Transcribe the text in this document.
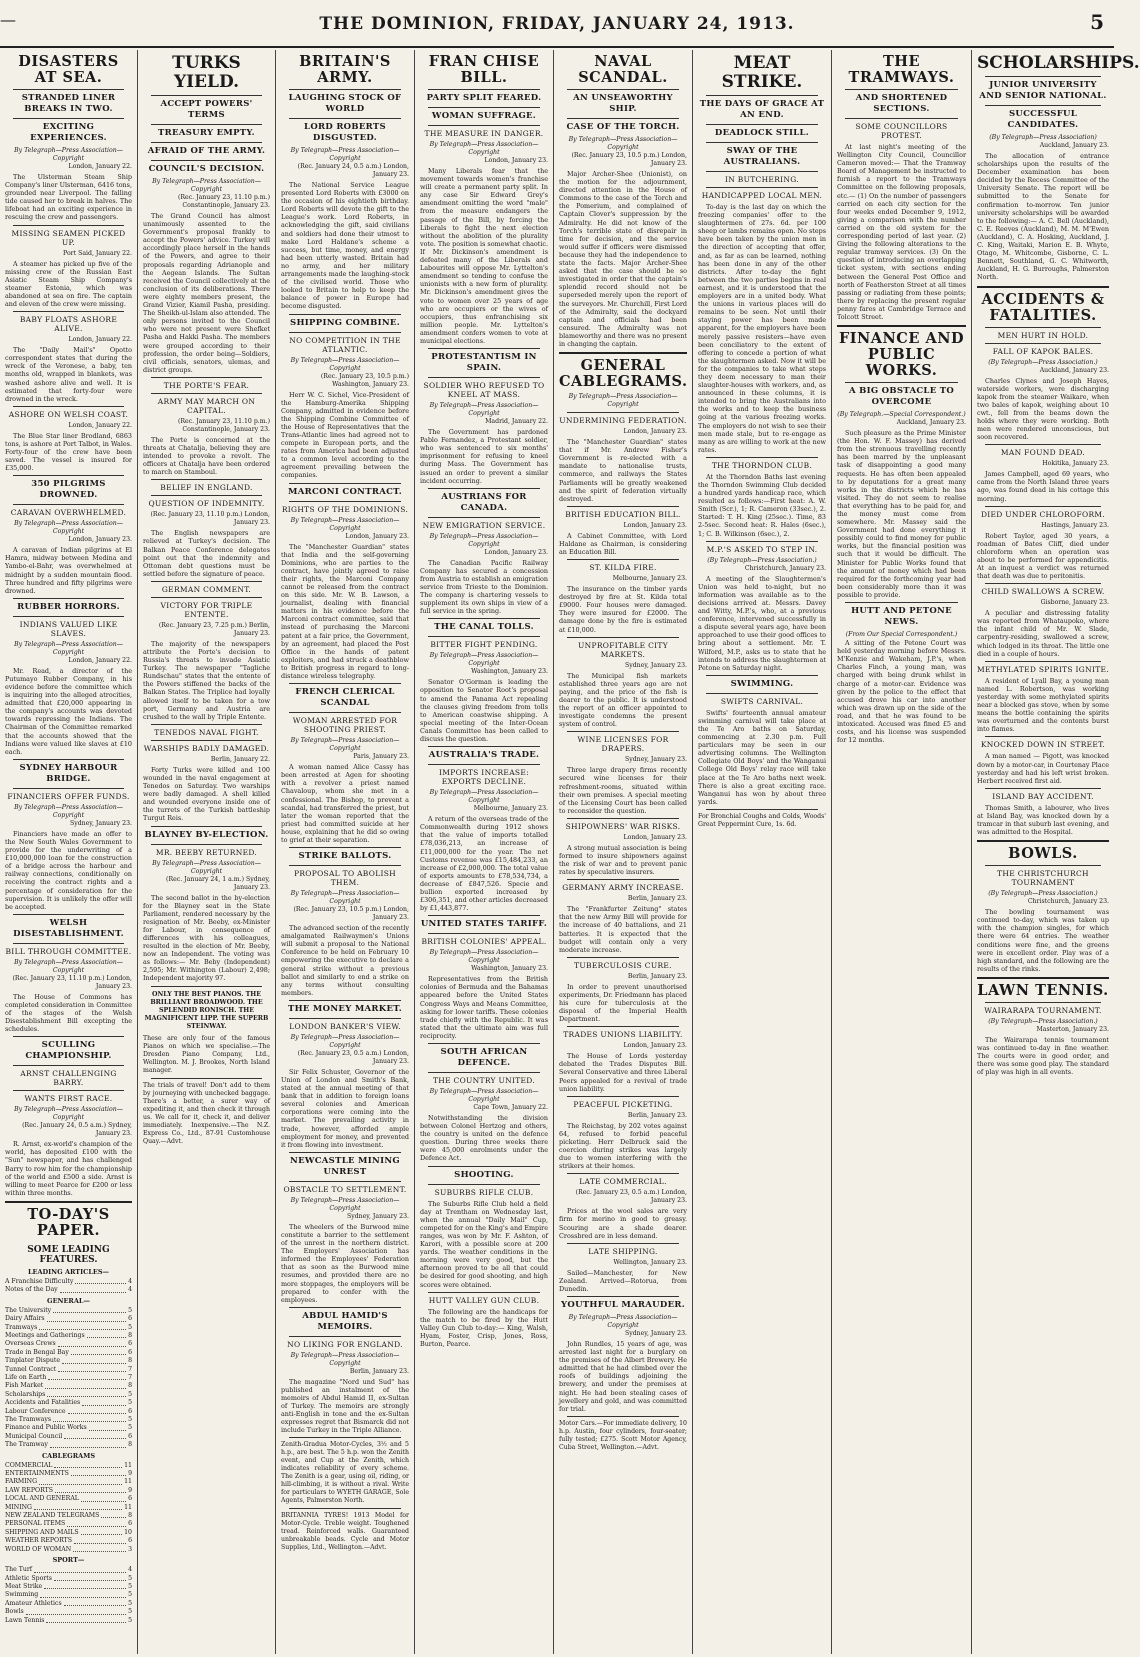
—	THE DOMINION, FRIDAY, JANUARY 24, 1913.	5
DISASTERS AT SEA.
STRANDED LINER BREAKS IN TWO.
EXCITING EXPERIENCES.
By Telegraph—Press Association—Copyright
London, January 22.

The Ulsterman Steam Ship Company's liner Ulsterman, 6416 tons, grounded near Liverpool. The falling tide caused her to break in halves. The lifeboat had an exciting experience in rescuing the crew and passengers.

MISSING SEAMEN PICKED UP.
Port Said, January 22.

A steamer has picked up five of the missing crew of the Russian East Asiatic Steam Ship Company's steamer Estonia, which was abandoned at sea on fire. The captain and eleven of the crew were missing.

BABY FLOATS ASHORE ALIVE.
London, January 22.

The "Daily Mail's" Opotto correspondent states that during the wreck of the Veronese, a baby, ten months old, wrapped in blankets, was washed ashore alive and well. It is estimated that forty-four were drowned in the wreck.

ASHORE ON WELSH COAST.
London, January 22.

The Blue Star liner Brodland, 6863 tons, is ashore at Port Talbot, in Wales. Forty-four of the crew have been saved. The vessel is insured for £35,000.

350 PILGRIMS DROWNED.
CARAVAN OVERWHELMED.
By Telegraph—Press Association—Copyright
London, January 23.

A caravan of Indian pilgrims at El Hamra, midway between Medina and Yambo-el-Bahr, was overwhelmed at midnight by a sudden mountain flood. Three hundred and fifty pilgrims were drowned.

RUBBER HORRORS.
INDIANS VALUED LIKE SLAVES.
By Telegraph—Press Association—Copyright
London, January 22.

Mr. Read, a director of the Putumayo Rubber Company, in his evidence before the committee which is inquiring into the alleged atrocities, admitted that £20,000 appearing in the company's accounts was devoted towards repressing the Indians. The Chairman of the Committee remarked that the accounts showed that the Indians were valued like slaves at £10 each.

SYDNEY HARBOUR BRIDGE.
FINANCIERS OFFER FUNDS.
By Telegraph—Press Association—Copyright
Sydney, January 23.

Financiers have made an offer to the New South Wales Government to provide for the underwriting of a £10,000,000 loan for the construction of a bridge across the harbour and railway connections, conditionally on receiving the contract rights and a percentage of consideration for the supervision. It is unlikely the offer will be accepted.

WELSH DISESTABLISHMENT.
BILL THROUGH COMMITTEE.
By Telegraph—Press Association—Copyright
(Rec. January 23, 11.10 p.m.) London, January 23.

The House of Commons has completed consideration in Committee of the stages of the Welsh Disestablishment Bill excepting the schedules.

SCULLING CHAMPIONSHIP.
ARNST CHALLENGING BARRY.
WANTS FIRST RACE.
By Telegraph—Press Association—Copyright
(Rec. January 24, 0.5 a.m.) Sydney, January 23.

R. Arnst, ex-world's champion of the world, has deposited £100 with the "Sun" newspaper, and has challenged Barry to row him for the championship of the world and £500 a side. Arnst is willing to meet Pearce for £200 or less within three months.

TO-DAY'S PAPER.
SOME LEADING FEATURES.
LEADING ARTICLES—
A Franchise Difficulty	4
Notes of the Day	4
GENERAL—
The University	5
Dairy Affairs	6
Tramways	5
Meetings and Gatherings	8
Overseas Crews	6
Trade in Bengal Bay	6
Tinplater Dispute	8
Tunnel Contract	7
Life on Earth	7
Fish Market	8
Scholarships	5
Accidents and Fatalities	5
Labour Conference	6
The Tramways	5
Finance and Public Works	5
Municipal Council	6
The Tramway	8
CABLEGRAMS
COMMERCIAL	11
ENTERTAINMENTS	9
FARMING	11
LAW REPORTS	9
LOCAL AND GENERAL	6
MINING	11
NEW ZEALAND TELEGRAMS	8
PERSONAL ITEMS	6
SHIPPING AND MAILS	10
WEATHER REPORTS	6
WORLD OF WOMAN	3
SPORT—
The Turf	4
Athletic Sports	5
Meat Strike	5
Swimming	5
Amateur Athletics	5
Bowls	5
Lawn Tennis	5
TURKS YIELD.
ACCEPT POWERS' TERMS
TREASURY EMPTY.
AFRAID OF THE ARMY.
COUNCIL'S DECISION.
By Telegraph—Press Association—Copyright
(Rec. January 23, 11.10 p.m.) Constantinople, January 23.

The Grand Council has almost unanimously assented to the Government's proposal frankly to accept the Powers' advice. Turkey will accordingly place herself in the hands of the Powers, and agree to their proposals regarding Adrianople and the Aegean Islands. The Sultan received the Council collectively at the conclusion of its deliberations. There were eighty members present, the Grand Vizier, Kiamil Pasha, presiding. The Sheikh-ul-Islam also attended. The only persons invited to the Council who were not present were Shefket Pasha and Hakki Pasha. The members were grouped according to their profession, the order being—Soldiers, civil officials, senators, ulemas, and district groups.

THE PORTE'S FEAR.
ARMY MAY MARCH ON CAPITAL.
(Rec. January 23, 11.10 p.m.) Constantinople, January 23.

The Porte is concerned at the threats at Chatalja, believing they are intended to provoke a revolt. The officers at Chatalja have been ordered to march on Stamboul.

BELIEF IN ENGLAND.
QUESTION OF INDEMNITY.
(Rec. January 23, 11.10 p.m.) London, January 23.

The English newspapers are relieved at Turkey's decision. The Balkan Peace Conference delegates point out that the indemnity and Ottoman debt questions must be settled before the signature of peace.

GERMAN COMMENT.
VICTORY FOR TRIPLE ENTENTE.
(Rec. January 23, 7.25 p.m.) Berlin, January 23.

The majority of the newspapers attribute the Porte's decision to Russia's threats to invade Asiatic Turkey. The newspaper "Tagliche Rundschau" states that the entente of the Powers stiffened the backs of the Balkan States. The Triplice had loyally allowed itself to be taken for a tow port, Germany and Austria are crushed to the wall by Triple Entente.

TENEDOS NAVAL FIGHT.
WARSHIPS BADLY DAMAGED.
Berlin, January 22.

Forty Turks were killed and 100 wounded in the naval engagement at Tenedos on Saturday. Two warships were badly damaged. A shell killed and wounded everyone inside one of the turrets of the Turkish battleship Turgut Reis.

BLAYNEY BY-ELECTION.
MR. BEEBY RETURNED.
By Telegraph—Press Association—Copyright
(Rec. January 24, 1 a.m.) Sydney, January 23.

The second ballot in the by-election for the Blayney seat in the State Parliament, rendered necessary by the resignation of Mr. Beeby, ex-Minister for Labour, in consequence of differences with his colleagues, resulted in the election of Mr. Beeby, now an Independent. The voting was as follows:— Mr. Beby (Independent) 2,595; Mr. Withington (Labour) 2,498; Independent majority 97.

ONLY THE BEST PIANOS. THE BRILLIANT BROADWOOD. THE SPLENDID RONISCH. THE MAGNIFICENT LIPP. THE SUPERB STEINWAY.
These are only four of the famous Pianos on which we specialise.—The Dresden Piano Company, Ltd., Wellington. M. J. Brookes, North Island manager.
The trials of travel! Don't add to them by journeying with unchecked baggage. There's a better, a surer way of expediting it, and then check it through us. We call for it, check it, and deliver immediately. Inexpensive.—The N.Z. Express Co., Ltd., 87-91 Customhouse Quay.—Advt.
BRITAIN'S ARMY.
LAUGHING STOCK OF WORLD
LORD ROBERTS DISGUSTED.
By Telegraph—Press Association—Copyright
(Rec. January 24, 0.5 a.m.) London, January 23.

The National Service League presented Lord Roberts with £3000 on the occasion of his eightieth birthday. Lord Roberts will devote the gift to the League's work. Lord Roberts, in acknowledging the gift, said civilians and soldiers had done their utmost to make Lord Haldane's scheme a success, but time, money, and energy had been utterly wasted. Britain had no army, and her military arrangements made the laughing-stock of the civilised world. Those who looked to Britain to help to keep the balance of power in Europe had become disgusted.

SHIPPING COMBINE.
NO COMPETITION IN THE ATLANTIC.
By Telegraph—Press Association—Copyright
(Rec. January 23, 10.5 p.m.) Washington, January 23.

Herr W. C. Sichel, Vice-President of the Hamburg-Amerika Shipping Company, admitted in evidence before the Shipping Combine Committee of the House of Representatives that the Trans-Atlantic lines had agreed not to compete in European ports, and the rates from America had been adjusted to a common level according to the agreement prevailing between the companies.

MARCONI CONTRACT.
RIGHTS OF THE DOMINIONS.
By Telegraph—Press Association—Copyright
London, January 23.

The "Manchester Guardian" states that India and the self-governing Dominions, who are parties to the contract, have jointly agreed to raise their rights, the Marconi Company cannot be released from the contract on this side. Mr. W. B. Lawson, a journalist, dealing with financial matters in his evidence before the Marconi contract committee, said that instead of purchasing the Marconi patent at a fair price, the Government, by an agreement, had placed the Post Office in the hands of patent exploiters, and had struck a deathblow to British progress in regard to long-distance wireless telegraphy.

FRENCH CLERICAL SCANDAL
WOMAN ARRESTED FOR SHOOTING PRIEST.
By Telegraph—Press Association—Copyright
Paris, January 23.

A woman named Alice Cassy has been arrested at Agen for shooting with a revolver a priest named Chavaloup, whom she met in a confessional. The Bishop, to prevent a scandal, had transferred the priest, but later the woman reported that the priest had committed suicide at her house, explaining that he did so owing to grief at their separation.

STRIKE BALLOTS.
PROPOSAL TO ABOLISH THEM.
By Telegraph—Press Association—Copyright
(Rec. January 23, 10.5 p.m.) London, January 23.

The advanced section of the recently amalgamated Railwaymen's Unions will submit a proposal to the National Conference to be held on February 10 empowering the executive to declare a general strike without a previous ballot and similarly to end a strike on any terms without consulting members.

THE MONEY MARKET.
LONDON BANKER'S VIEW.
By Telegraph—Press Association—Copyright
(Rec. January 23, 0.5 a.m.) London, January 23.

Sir Felix Schuster, Governor of the Union of London and Smith's Bank, stated at the annual meeting of that bank that in addition to foreign loans several colonies and American corporations were coming into the market. The prevailing activity in trade, however, afforded ample employment for money, and prevented it from flowing into investment.

NEWCASTLE MINING UNREST
OBSTACLE TO SETTLEMENT.
By Telegraph—Press Association—Copyright
Sydney, January 23.

The wheelers of the Burwood mine constitute a barrier to the settlement of the unrest in the northern district. The Employers' Association has informed the Employees' Federation that as soon as the Burwood mine resumes, and provided there are no more stoppages, the employers will be prepared to confer with the employees.

ABDUL HAMID'S MEMOIRS.
NO LIKING FOR ENGLAND.
By Telegraph—Press Association—Copyright
Berlin, January 23.

The magazine "Nord und Sud" has published an instalment of the memoirs of Abdul Hamid II, ex-Sultan of Turkey. The memoirs are strongly anti-English in tone and the ex-Sultan expresses regret that Bismarck did not include Turkey in the Triple Alliance.

Zenith-Gradua Motor-Cycles, 3½ and 5 h.p., are best. The 5 h.p. won the Zenith event, and Cup at the Zenith, which indicates reliability of every scheme. The Zenith is a gear, using oil, riding, or hill-climbing, it is without a rival. Write for particulars to WYETH GARAGE, Sole Agents, Palmerston North.
BRITANNIA TYRES! 1913 Model for Motor-Cycle. Treble weight. Toughened tread. Reinforced walls. Guaranteed unbreakable beads. Cycle and Motor Supplies, Ltd., Wellington.—Advt.
FRAN CHISE BILL.
PARTY SPLIT FEARED.
WOMAN SUFFRAGE.
THE MEASURE IN DANGER.
By Telegraph—Press Association—Copyright
London, January 23.

Many Liberals fear that the movement towards women's franchise will create a permanent party split. In any case Sir Edward Grey's amendment omitting the word "male" from the measure endangers the passage of the Bill, by forcing the Liberals to fight the next election without the abolition of the plurality vote. The position is somewhat chaotic. If Mr. Dickinson's amendment is defeated many of the Liberals and Labourites will oppose Mr. Lyttelton's amendment so tending to confuse the unionists with a new form of plurality. Mr. Dickinson's amendment gives the vote to women over 25 years of age who are occupiers or the wives of occupiers, thus enfranchising six million people. Mr. Lyttelton's amendment confers women to vote at municipal elections.

PROTESTANTISM IN SPAIN.
SOLDIER WHO REFUSED TO KNEEL AT MASS.
By Telegraph—Press Association—Copyright
Madrid, January 22.

The Government has pardoned Pablo Fernandez, a Protestant soldier, who was sentenced to six months' imprisonment for refusing to kneel during Mass. The Government has issued an order to prevent a similar incident occurring.

AUSTRIANS FOR CANADA.
NEW EMIGRATION SERVICE.
By Telegraph—Press Association—Copyright
London, January 23.

The Canadian Pacific Railway Company has secured a concession from Austria to establish an emigration service from Trieste to the Dominion. The company is chartering vessels to supplement its own ships in view of a full service in the spring.

THE CANAL TOLLS.
BITTER FIGHT PENDING.
By Telegraph—Press Association—Copyright
Washington, January 23.

Senator O'Gorman is leading the opposition to Senator Root's proposal to amend the Panama Act repealing the clauses giving freedom from tolls to American coastwise shipping. A special meeting of the Inter-Ocean Canals Committee has been called to discuss the question.

AUSTRALIA'S TRADE.
IMPORTS INCREASE: EXPORTS DECLINE.
By Telegraph—Press Association—Copyright
Melbourne, January 23.

A return of the overseas trade of the Commonwealth during 1912 shows that the value of imports totalled £78,036,213, an increase of £11,000,000 for the year. The net Customs revenue was £15,484,233, an increase of £2,000,000. The total value of exports amounts to £78,534,734, a decrease of £847,526. Specie and bullion exported increased by £306,351, and other articles decreased by £1,443,877.

UNITED STATES TARIFF.
BRITISH COLONIES' APPEAL.
By Telegraph—Press Association—Copyright
Washington, January 23.

Representatives from the British colonies of Bermuda and the Bahamas appeared before the United States Congress Ways and Means Committee, asking for lower tariffs. These colonies trade chiefly with the Republic. It was stated that the ultimate aim was full reciprocity.

SOUTH AFRICAN DEFENCE.
THE COUNTRY UNITED.
By Telegraph—Press Association—Copyright
Cape Town, January 22.

Notwithstanding the division between Colonel Hertzog and others, the country is united on the defence question. During three weeks there were 45,000 enrolments under the Defence Act.

SHOOTING.
SUBURBS RIFLE CLUB.

The Suburbs Rifle Club held a field day at Trentham on Wednesday last, when the annual "Daily Mail" Cup, competed for on the King's and Empire ranges, was won by Mr. F. Ashton, of Karori, with a possible score at 200 yards. The weather conditions in the morning were very good, but the afternoon proved to be all that could be desired for good shooting, and high scores were obtained.

HUTT VALLEY GUN CLUB.

The following are the handicaps for the match to be fired by the Hutt Valley Gun Club to-day:— King, Walsh, Hyam, Foster, Crisp, Jones, Ross, Burton, Pearce.

NAVAL SCANDAL.
AN UNSEAWORTHY SHIP.
CASE OF THE TORCH.
By Telegraph—Press Association—Copyright
(Rec. January 23, 10.5 p.m.) London, January 23.

Major Archer-Shee (Unionist), on the motion for the adjournment, directed attention in the House of Commons to the case of the Torch and the Pomerium, and complained of Captain Clover's suppression by the Admiralty. He did not know of the Torch's terrible state of disrepair in time for decision, and the service would suffer if officers were dismissed because they had the independence to state the facts. Major Archer-Shee asked that the case should be so investigated in order that the captain's splendid record should not be superseded merely upon the report of the surveyors. Mr. Churchill, First Lord of the Admiralty, said the dockyard captain and officials had been censured. The Admiralty was not blameworthy and there was no present in changing the captain.

GENERAL CABLEGRAMS.
By Telegraph—Press Association—Copyright
UNDERMINING FEDERATION.
London, January 23.

The "Manchester Guardian" states that if Mr. Andrew Fisher's Government is re-elected with a mandate to nationalise trusts, commerce, and railways the States Parliaments will be greatly weakened and the spirit of federation virtually destroyed.

BRITISH EDUCATION BILL.
London, January 23.

A Cabinet Committee, with Lord Haldane as Chairman, is considering an Education Bill.

ST. KILDA FIRE.
Melbourne, January 23.

The insurance on the timber yards destroyed by fire at St. Kilda total £9000. Four houses were damaged. They were insured for £2000. The damage done by the fire is estimated at £10,000.

UNPROFITABLE CITY MARKETS.
Sydney, January 23.

The Municipal fish markets established three years ago are not paying, and the price of the fish is dearer to the public. It is understood the report of an officer appointed to investigate condemns the present system of control.

WINE LICENSES FOR DRAPERS.
Sydney, January 23.

Three large drapery firms recently secured wine licenses for their refreshment-rooms, situated within their own premises. A special meeting of the Licensing Court has been called to reconsider the question.

SHIPOWNERS' WAR RISKS.
London, January 23.

A strong mutual association is being formed to insure shipowners against the risk of war and to prevent panic rates by speculative insurers.

GERMANY ARMY INCREASE.
Berlin, January 23.

The "Frankfurter Zeitung" states that the new Army Bill will provide for the increase of 40 battalions, and 21 batteries. It is expected that the budget will contain only a very moderate increase.

TUBERCULOSIS CURE.
Berlin, January 23.

In order to prevent unauthorised experiments, Dr. Friedmann has placed his cure for tuberculosis at the disposal of the Imperial Health Department.

TRADES UNIONS LIABILITY.
London, January 23.

The House of Lords yesterday debated the Trades Disputes Bill. Several Conservative and three Liberal Peers appealed for a revival of trade union liability.

PEACEFUL PICKETING.
Berlin, January 23.

The Reichstag, by 202 votes against 64, refused to forbid peaceful picketing. Herr Delbruck said the coercion during strikes was largely due to women interfering with the strikers at their homes.

LATE COMMERCIAL.
(Rec. January 23, 0.5 a.m.) London, January 23.

Prices at the wool sales are very firm for merino in good to greasy. Scouring are a shade dearer. Crossbred are in less demand.

LATE SHIPPING.
Wellington, January 23.

Sailed—Manchester, for New Zealand. Arrived—Rotorua, from Dunedin.

YOUTHFUL MARAUDER.
By Telegraph—Press Association—Copyright
Sydney, January 23.

John Rundles, 15 years of age, was arrested last night for a burglary on the premises of the Albert Brewery. He admitted that he had climbed over the roofs of buildings adjoining the brewery, and under the premises at night. He had been stealing cases of jewellery and gold, and was committed for trial.

Motor Cars.—For immediate delivery, 10 h.p. Austin, four cylinders, four-seater; fully tested; £275. Scott Motor Agency, Cuba Street, Wellington.—Advt.
MEAT STRIKE.
THE DAYS OF GRACE AT AN END.
DEADLOCK STILL.
SWAY OF THE AUSTRALIANS.
IN BUTCHERING.
HANDICAPPED LOCAL MEN.

To-day is the last day on which the freezing companies' offer to the slaughtermen of 27s. 6d. per 100 sheep or lambs remains open. No steps have been taken by the union men in the direction of accepting that offer, and, as far as can be learned, nothing has been done in any of the other districts. After to-day the fight between the two parties begins in real earnest, and it is understood that the employers are in a united body. What the unions in various places will do remains to be seen. Not until their staying power has been made apparent, for the employers have been merely passive resisters—have even been conciliatory to the extent of offering to concede a portion of what the slaughtermen asked. Now it will be for the companies to take what steps they deem necessary to man their slaughter-houses with workers, and, as announced in these columns, it is intended to bring the Australians into the works and to keep the business going at the various freezing works. The employers do not wish to see their men made stale, but to re-engage as many as are willing to work at the new rates.

THE THORNDON CLUB.

At the Thorndon Baths last evening the Thorndon Swimming Club decided a hundred yards handicap race, which resulted as follows:—First heat: A. W. Smith (Scr.), 1; R. Cameron (33sec.), 2. Started: T. H. King (25sec.). Time, 83 2-5sec. Second heat: R. Hales (6sec.), 1; C. B. Wilkinson (6sec.), 2.

M.P.'S ASKED TO STEP IN.
(By Telegraph—Press Association.)
Christchurch, January 23.

A meeting of the Slaughtermen's Union was held to-night, but no information was available as to the decisions arrived at. Messrs. Davey and Witty, M.P.'s, who, at a previous conference, intervened successfully in a dispute several years ago, have been approached to use their good offices to bring about a settlement. Mr. T. Wilford, M.P., asks us to state that he intends to address the slaughtermen at Petone on Saturday night.

SWIMMING.
SWIFTS CARNIVAL.

Swifts' fourteenth annual amateur swimming carnival will take place at the Te Aro baths on Saturday, commencing at 2.30 p.m. Full particulars may be seen in our advertising columns. The Wellington Collegiate Old Boys' and the Wanganui College Old Boys' relay race will take place at the Te Aro baths next week. There is also a great exciting race. Wanganui has won by about three yards.

For Bronchial Coughs and Colds, Woods' Great Peppermint Cure, 1s. 6d.
THE TRAMWAYS.
AND SHORTENED SECTIONS.
SOME COUNCILLORS PROTEST.

At last night's meeting of the Wellington City Council, Councillor Cameron moved:— That the Tramway Board of Management be instructed to furnish a report to the Tramways Committee on the following proposals, etc.— (1) On the number of passengers carried on each city section for the four weeks ended December 9, 1912, giving a comparison with the number carried on the old system for the corresponding period of last year. (2) Giving the following alterations to the regular tramway services. (3) On the question of introducing an overlapping ticket system, with sections ending between the General Post Office and north of Featherston Street at all times passing or radiating from these points; there by replacing the present regular penny fares at Cambridge Terrace and Tolcott Street.

FINANCE AND PUBLIC WORKS.
A BIG OBSTACLE TO OVERCOME
(By Telegraph.—Special Correspondent.)
Auckland, January 23.

Such pleasure as the Prime Minister (the Hon. W. F. Massey) has derived from the strenuous travelling recently has been marred by the unpleasant task of disappointing a good many requests. He has often been appealed to by deputations for a great many works in the districts which he has visited. They do not seem to realise that everything has to be paid for, and the money must come from somewhere. Mr. Massey said the Government had done everything it possibly could to find money for public works, but the financial position was such that it would be difficult. The Minister for Public Works found that the amount of money which had been required for the forthcoming year had been considerably more than it was possible to provide.

HUTT AND PETONE NEWS.
(From Our Special Correspondent.)

A sitting of the Petone Court was held yesterday morning before Messrs. M'Kenzie and Wakeham, J.P.'s, when Charles Finch, a young man, was charged with being drunk whilst in charge of a motor-car. Evidence was given by the police to the effect that accused drove his car into another which was drawn up on the side of the road, and that he was found to be intoxicated. Accused was fined £5 and costs, and his license was suspended for 12 months.

SCHOLARSHIPS.
JUNIOR UNIVERSITY AND SENIOR NATIONAL.
SUCCESSFUL CANDIDATES.
(By Telegraph—Press Association)
Auckland, January 23.

The allocation of entrance scholarships upon the results of the December examination has been decided by the Recess Committee of the University Senate. The report will be submitted to the Senate for confirmation to-morrow. Ten junior university scholarships will be awarded to the following:— A. C. Bell (Auckland), C. E. Reeves (Auckland), M. M. M'Ewen (Auckland), C. A. Hosking, Auckland, J. C. King, Waitaki, Marion E. B. Whyte, Otago, M. Whitcombe, Gisborne, C. L. Bennett, Southland, G. C. Whitworth, Auckland, H. G. Burroughs, Palmerston North.

ACCIDENTS & FATALITIES.
MEN HURT IN HOLD.
FALL OF KAPOK BALES.
(By Telegraph—Press Association.)
Auckland, January 23.

Charles Clynes and Joseph Hayes, waterside workers, were discharging kapok from the steamer Waikare, when two bales of kapok, weighing about 10 cwt., fell from the beams down the holds where they were working. Both men were rendered unconscious, but soon recovered.

MAN FOUND DEAD.
Hokitika, January 23.

James Campbell, aged 69 years, who came from the North Island three years ago, was found dead in his cottage this morning.

DIED UNDER CHLOROFORM.
Hastings, January 23.

Robert Taylor, aged 30 years, a roadman of Bates Cliff, died under chloroform when an operation was about to be performed for appendicitis. At an inquest a verdict was returned that death was due to peritonitis.

CHILD SWALLOWS A SCREW.
Gisborne, January 23.

A peculiar and distressing fatality was reported from Whataupoko, where the infant child of Mr. W. Slade, carpentry-residing, swallowed a screw, which lodged in its throat. The little one died in a couple of hours.

METHYLATED SPIRITS IGNITE.

A resident of Lyall Bay, a young man named L. Robertson, was working yesterday with some methylated spirits near a blocked gas stove, when by some means the bottle containing the spirits was overturned and the contents burst into flames.

KNOCKED DOWN IN STREET.

A man named — Pigott, was knocked down by a motor-car, in Courtenay Place yesterday and had his left wrist broken. Herbert received first aid.

ISLAND BAY ACCIDENT.

Thomas Smith, a labourer, who lives at Island Bay, was knocked down by a tramcar in that suburb last evening, and was admitted to the Hospital.

BOWLS.
THE CHRISTCHURCH TOURNAMENT
(By Telegraph—Press Association.)
Christchurch, January 23.

The bowling tournament was continued to-day, which was taken up with the champion singles, for which there were 64 entries. The weather conditions were fine, and the greens were in excellent order. Play was of a high standard, and the following are the results of the rinks.

LAWN TENNIS.
WAIRARAPA TOURNAMENT.
(By Telegraph—Press Association.)
Masterton, January 23.

The Wairarapa tennis tournament was continued to-day in fine weather. The courts were in good order, and there was some good play. The standard of play was high in all events.
